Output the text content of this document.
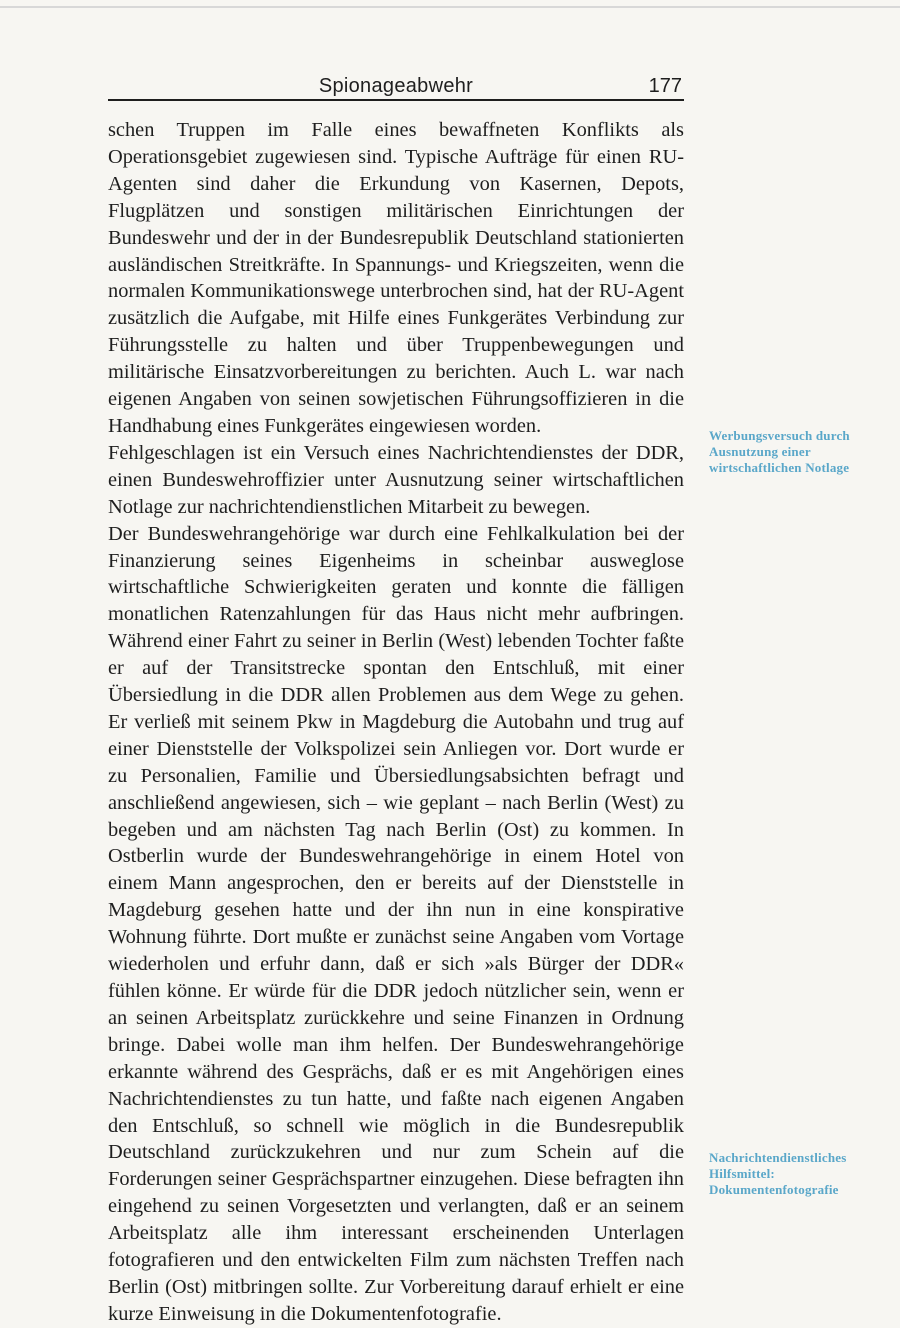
Spionageabwehr	177

schen Truppen im Falle eines bewaffneten Konflikts als Operationsgebiet zugewiesen sind. Typische Aufträge für einen RU-Agenten sind daher die Erkundung von Kasernen, Depots, Flugplätzen und sonstigen militärischen Einrichtungen der Bundeswehr und der in der Bundesrepublik Deutschland stationierten ausländischen Streitkräfte. In Spannungs- und Kriegszeiten, wenn die normalen Kommunikationswege unterbrochen sind, hat der RU-Agent zusätzlich die Aufgabe, mit Hilfe eines Funkgerätes Verbindung zur Führungsstelle zu halten und über Truppenbewegungen und militärische Einsatzvorbereitungen zu berichten. Auch L. war nach eigenen Angaben von seinen sowjetischen Führungsoffizieren in die Handhabung eines Funkgerätes eingewiesen worden.

Fehlgeschlagen ist ein Versuch eines Nachrichtendienstes der DDR, einen Bundeswehroffizier unter Ausnutzung seiner wirtschaftlichen Notlage zur nachrichtendienstlichen Mitarbeit zu bewegen.

Der Bundeswehrangehörige war durch eine Fehlkalkulation bei der Finanzierung seines Eigenheims in scheinbar ausweglose wirtschaftliche Schwierigkeiten geraten und konnte die fälligen monatlichen Ratenzahlungen für das Haus nicht mehr aufbringen. Während einer Fahrt zu seiner in Berlin (West) lebenden Tochter faßte er auf der Transitstrecke spontan den Entschluß, mit einer Übersiedlung in die DDR allen Problemen aus dem Wege zu gehen. Er verließ mit seinem Pkw in Magdeburg die Autobahn und trug auf einer Dienststelle der Volkspolizei sein Anliegen vor. Dort wurde er zu Personalien, Familie und Übersiedlungsabsichten befragt und anschließend angewiesen, sich – wie geplant – nach Berlin (West) zu begeben und am nächsten Tag nach Berlin (Ost) zu kommen. In Ostberlin wurde der Bundeswehrangehörige in einem Hotel von einem Mann angesprochen, den er bereits auf der Dienststelle in Magdeburg gesehen hatte und der ihn nun in eine konspirative Wohnung führte. Dort mußte er zunächst seine Angaben vom Vortage wiederholen und erfuhr dann, daß er sich »als Bürger der DDR« fühlen könne. Er würde für die DDR jedoch nützlicher sein, wenn er an seinen Arbeitsplatz zurückkehre und seine Finanzen in Ordnung bringe. Dabei wolle man ihm helfen. Der Bundeswehrangehörige erkannte während des Gesprächs, daß er es mit Angehörigen eines Nachrichtendienstes zu tun hatte, und faßte nach eigenen Angaben den Entschluß, so schnell wie möglich in die Bundesrepublik Deutschland zurückzukehren und nur zum Schein auf die Forderungen seiner Gesprächspartner einzugehen. Diese befragten ihn eingehend zu seinen Vorgesetzten und verlangten, daß er an seinem Arbeitsplatz alle ihm interessant erscheinenden Unterlagen fotografieren und den entwickelten Film zum nächsten Treffen nach Berlin (Ost) mitbringen sollte. Zur Vorbereitung darauf erhielt er eine kurze Einweisung in die Dokumentenfotografie.

Werbungsversuch durch Ausnutzung einer wirtschaftlichen Notlage
Nachrichtendienstliches Hilfsmittel: Dokumentenfotografie
